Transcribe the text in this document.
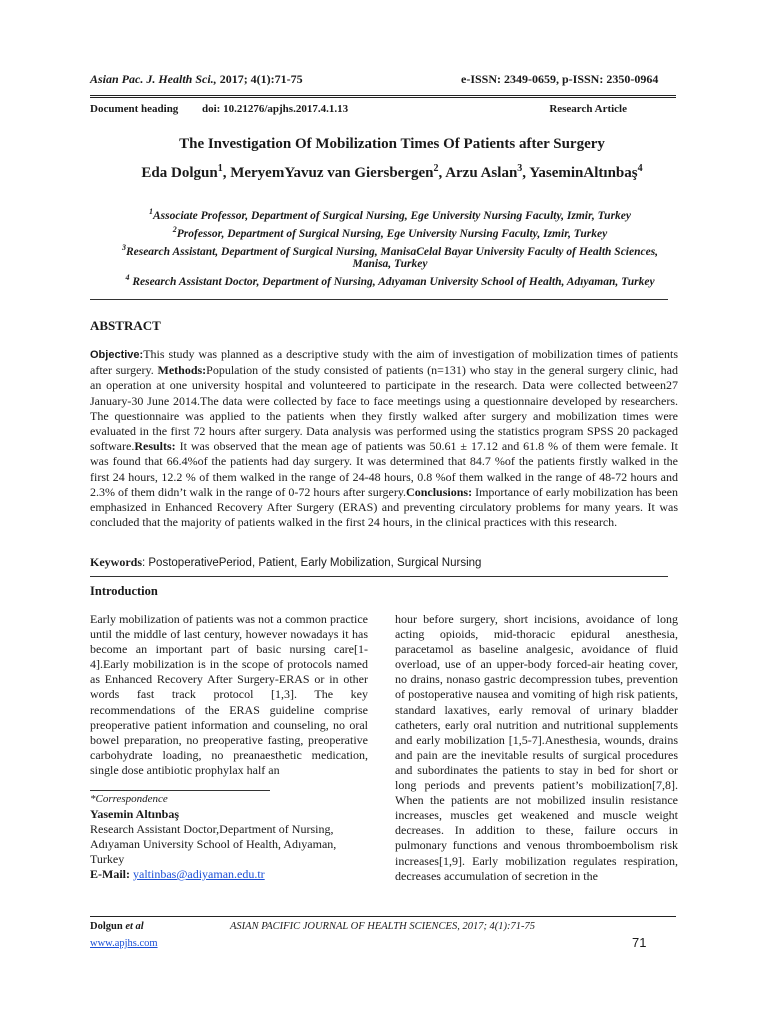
Asian Pac. J. Health Sci., 2017; 4(1):71-75	e-ISSN: 2349-0659, p-ISSN: 2350-0964
Document heading doi: 10.21276/apjhs.2017.4.1.13	Research Article
The Investigation Of Mobilization Times Of Patients after Surgery
Eda Dolgun$^1$, MeryemYavuz van Giersbergen$^2$, Arzu Aslan$^3$, YaseminAltınbaş$^4$
$^1$Associate Professor, Department of Surgical Nursing, Ege University Nursing Faculty, Izmir, Turkey
$^2$Professor, Department of Surgical Nursing, Ege University Nursing Faculty, Izmir, Turkey
$^3$Research Assistant, Department of Surgical Nursing, ManisaCelal Bayar University Faculty of Health Sciences, Manisa, Turkey
$^4$ Research Assistant Doctor, Department of Nursing, Adıyaman University School of Health, Adıyaman, Turkey
ABSTRACT
Objective:This study was planned as a descriptive study with the aim of investigation of mobilization times of patients after surgery. Methods:Population of the study consisted of patients (n=131) who stay in the general surgery clinic, had an operation at one university hospital and volunteered to participate in the research. Data were collected between27 January-30 June 2014.The data were collected by face to face meetings using a questionnaire developed by researchers. The questionnaire was applied to the patients when they firstly walked after surgery and mobilization times were evaluated in the first 72 hours after surgery. Data analysis was performed using the statistics program SPSS 20 packaged software.Results: It was observed that the mean age of patients was 50.61 ± 17.12 and 61.8 % of them were female. It was found that 66.4%of the patients had day surgery. It was determined that 84.7 %of the patients firstly walked in the first 24 hours, 12.2 % of them walked in the range of 24-48 hours, 0.8 %of them walked in the range of 48-72 hours and 2.3% of them didn’t walk in the range of 0-72 hours after surgery.Conclusions: Importance of early mobilization has been emphasized in Enhanced Recovery After Surgery (ERAS) and preventing circulatory problems for many years. It was concluded that the majority of patients walked in the first 24 hours, in the clinical practices with this research.
Keywords: PostoperativePeriod, Patient, Early Mobilization, Surgical Nursing
Introduction
Early mobilization of patients was not a common practice until the middle of last century, however nowadays it has become an important part of basic nursing care[1-4].Early mobilization is in the scope of protocols named as Enhanced Recovery After Surgery-ERAS or in other words fast track protocol [1,3]. The key recommendations of the ERAS guideline comprise preoperative patient information and counseling, no oral bowel preparation, no preoperative fasting, preoperative carbohydrate loading, no preanaesthetic medication, single dose antibiotic prophylax half an
hour before surgery, short incisions, avoidance of long acting opioids, mid-thoracic epidural anesthesia, paracetamol as baseline analgesic, avoidance of fluid overload, use of an upper-body forced-air heating cover, no drains, nonaso gastric decompression tubes, prevention of postoperative nausea and vomiting of high risk patients, standard laxatives, early removal of urinary bladder catheters, early oral nutrition and nutritional supplements and early mobilization [1,5-7].Anesthesia, wounds, drains and pain are the inevitable results of surgical procedures and subordinates the patients to stay in bed for short or long periods and prevents patient’s mobilization[7,8]. When the patients are not mobilized insulin resistance increases, muscles get weakened and muscle weight decreases. In addition to these, failure occurs in pulmonary functions and venous thromboembolism risk increases[1,9]. Early mobilization regulates respiration, decreases accumulation of secretion in the
*Correspondence
Yasemin Altınbaş
Research Assistant Doctor,Department of Nursing,
Adıyaman University School of Health, Adıyaman,
Turkey
E-Mail: yaltinbas@adiyaman.edu.tr
Dolgun et al	ASIAN PACIFIC JOURNAL OF HEALTH SCIENCES, 2017; 4(1):71-75
www.apjhs.com	71
